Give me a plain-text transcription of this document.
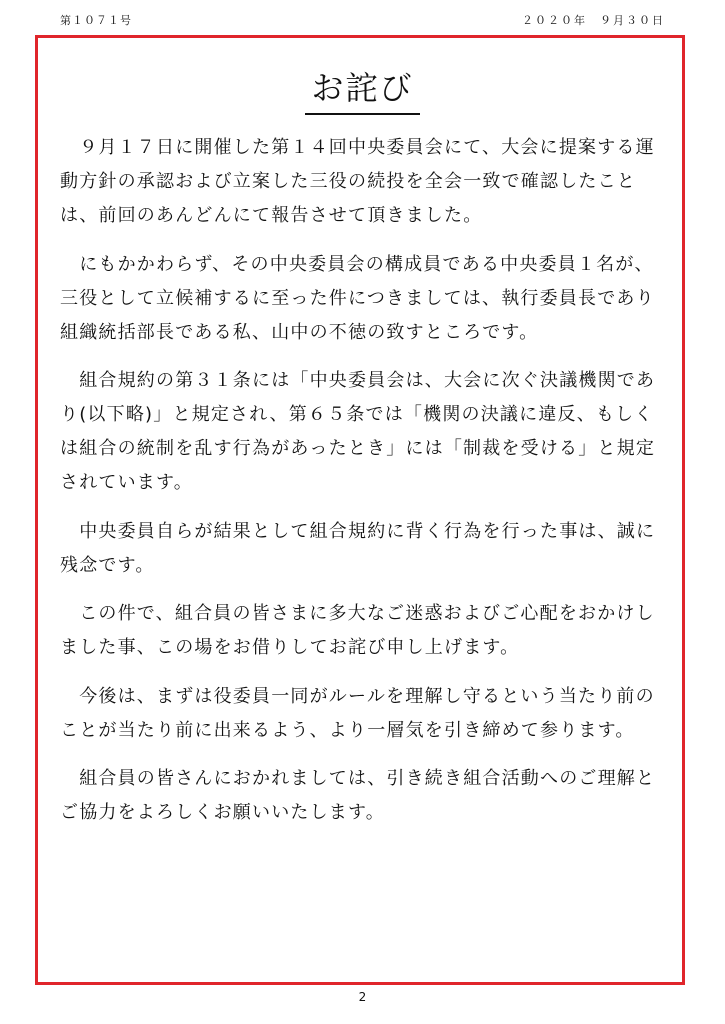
第１０７１号	２０２０年　９月３０日
お詫び

　９月１７日に開催した第１４回中央委員会にて、大会に提案する運

動方針の承認および立案した三役の続投を全会一致で確認したこと

は、前回のあんどんにて報告させて頂きました。

　にもかかわらず、その中央委員会の構成員である中央委員１名が、

三役として立候補するに至った件につきましては、執行委員長であり

組織統括部長である私、山中の不徳の致すところです。

　組合規約の第３１条には「中央委員会は、大会に次ぐ決議機関であ

り(以下略)」と規定され、第６５条では「機関の決議に違反、もしく

は組合の統制を乱す行為があったとき」には「制裁を受ける」と規定

されています。

　中央委員自らが結果として組合規約に背く行為を行った事は、誠に

残念です。

　この件で、組合員の皆さまに多大なご迷惑およびご心配をおかけし

ました事、この場をお借りしてお詫び申し上げます。

　今後は、まずは役委員一同がルールを理解し守るという当たり前の

ことが当たり前に出来るよう、より一層気を引き締めて参ります。

　組合員の皆さんにおかれましては、引き続き組合活動へのご理解と

ご協力をよろしくお願いいたします。

2
